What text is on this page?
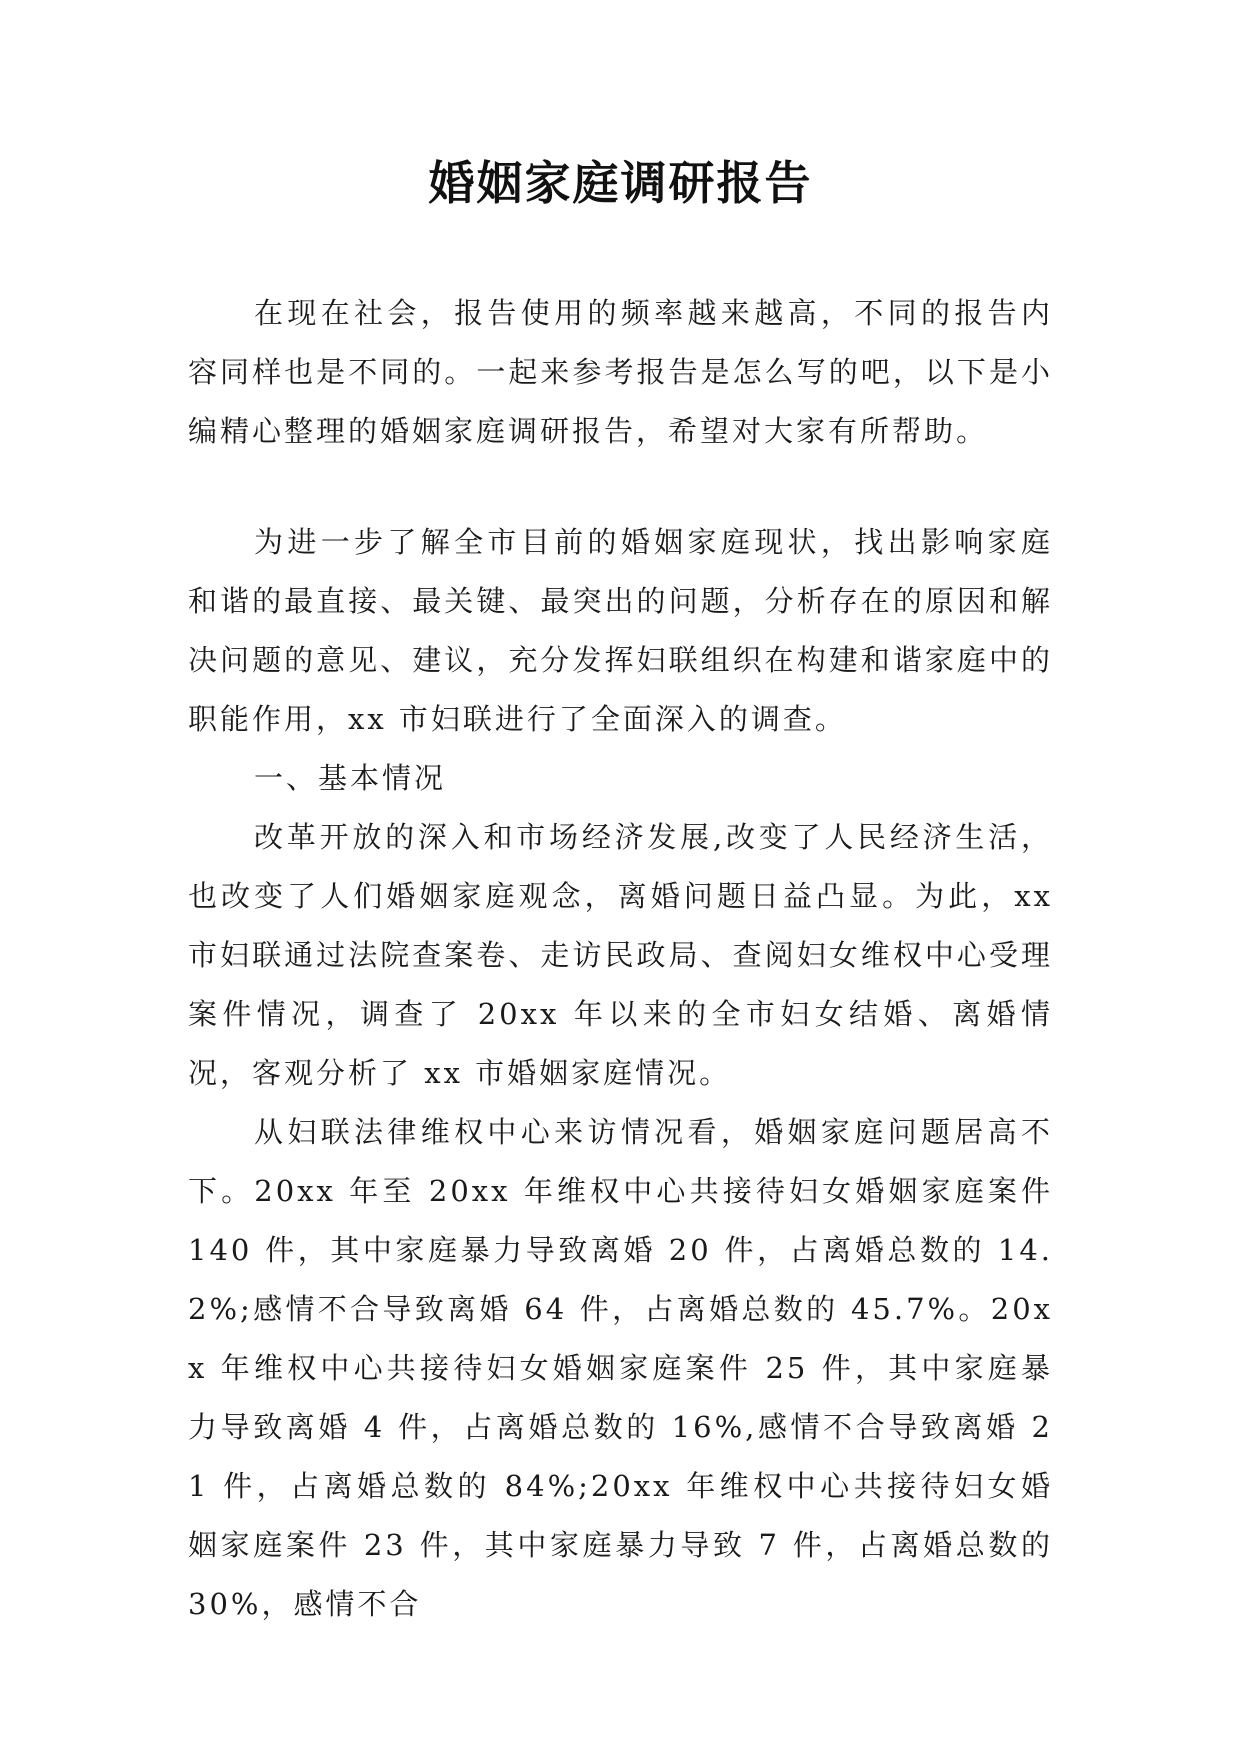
婚姻家庭调研报告

在现在社会，报告使用的频率越来越高，不同的报告内容同样也是不同的。一起来参考报告是怎么写的吧，以下是小编精心整理的婚姻家庭调研报告，希望对大家有所帮助。

为进一步了解全市目前的婚姻家庭现状，找出影响家庭和谐的最直接、最关键、最突出的问题，分析存在的原因和解决问题的意见、建议，充分发挥妇联组织在构建和谐家庭中的职能作用，xx 市妇联进行了全面深入的调查。

一、基本情况

改革开放的深入和市场经济发展,改变了人民经济生活，也改变了人们婚姻家庭观念，离婚问题日益凸显。为此，xx 市妇联通过法院查案卷、走访民政局、查阅妇女维权中心受理案件情况，调查了 20xx 年以来的全市妇女结婚、离婚情况，客观分析了 xx 市婚姻家庭情况。

从妇联法律维权中心来访情况看，婚姻家庭问题居高不下。20xx 年至 20xx 年维权中心共接待妇女婚姻家庭案件 140 件，其中家庭暴力导致离婚 20 件，占离婚总数的 14.2%;感情不合导致离婚 64 件，占离婚总数的 45.7%。20xx 年维权中心共接待妇女婚姻家庭案件 25 件，其中家庭暴力导致离婚 4 件，占离婚总数的 16%,感情不合导致离婚 21 件，占离婚总数的 84%;20xx 年维权中心共接待妇女婚姻家庭案件 23 件，其中家庭暴力导致 7 件，占离婚总数的 30%，感情不合
